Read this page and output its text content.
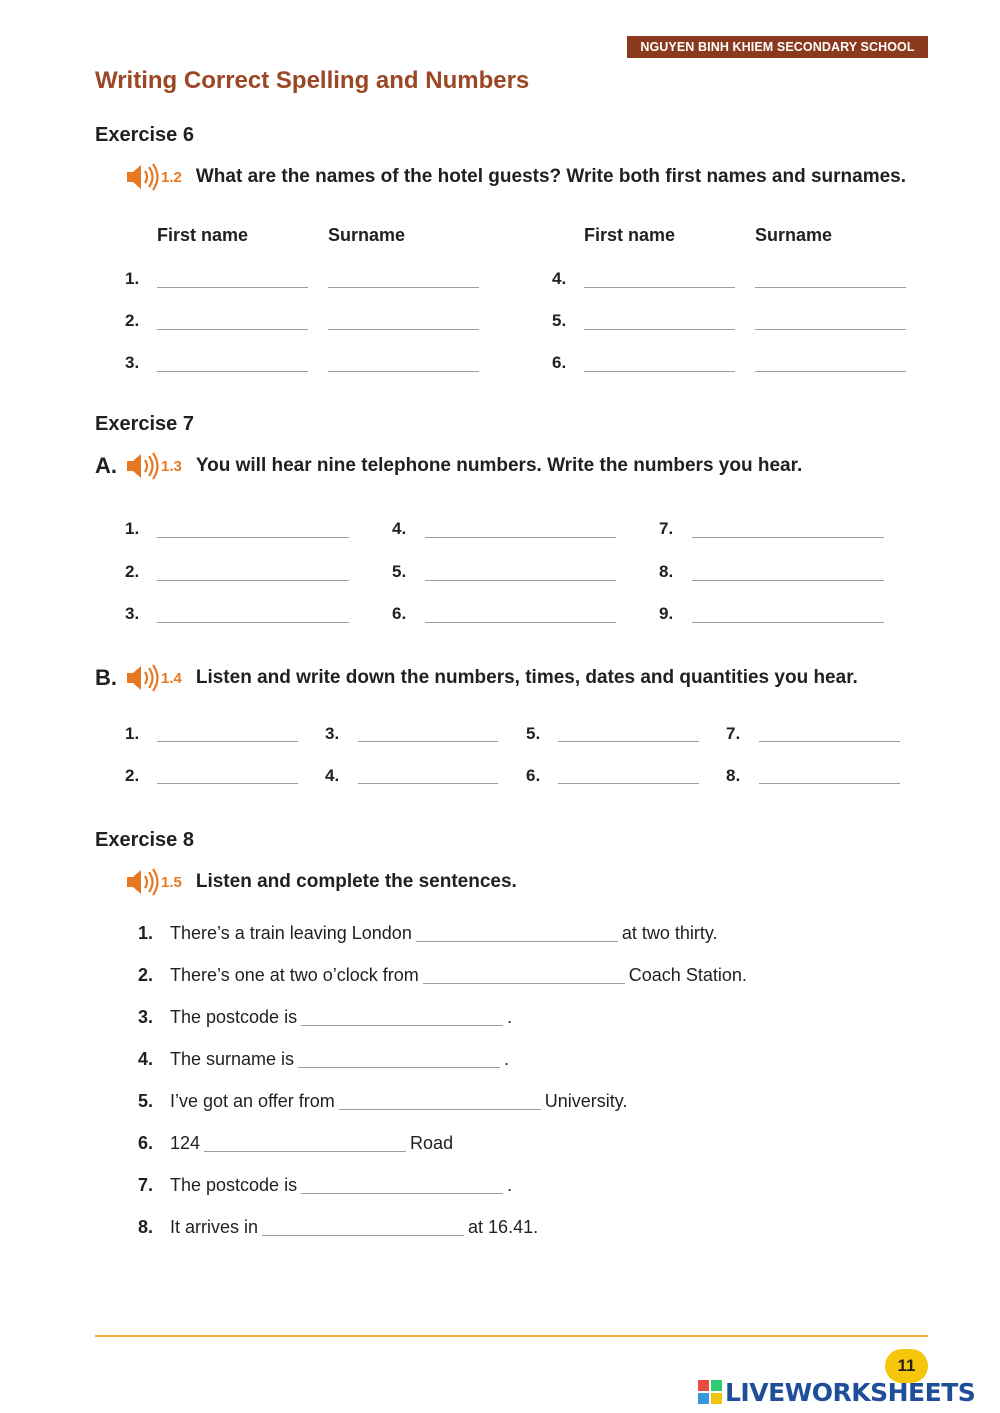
NGUYEN BINH KHIEM SECONDARY SCHOOL
Writing Correct Spelling and Numbers
Exercise 6
1.2 What are the names of the hotel guests? Write both first names and surnames.
First name	Surname	First name	Surname
1.
2.
3.
4.
5.
6.
Exercise 7
A.	1.3 You will hear nine telephone numbers. Write the numbers you hear.
1.
2.
3.
4.
5.
6.
7.
8.
9.
B.	1.4 Listen and write down the numbers, times, dates and quantities you hear.
1.
2.
3.
4.
5.
6.
7.
8.
Exercise 8
1.5 Listen and complete the sentences.
1. There’s a train leaving London	at two thirty.
2. There’s one at two o’clock from	Coach Station.
3. The postcode is	.
4. The surname is	.
5. I’ve got an offer from	University.
6. 124	Road
7. The postcode is	.
8. It arrives in	at 16.41.
11
LIVEWORKSHEETS
